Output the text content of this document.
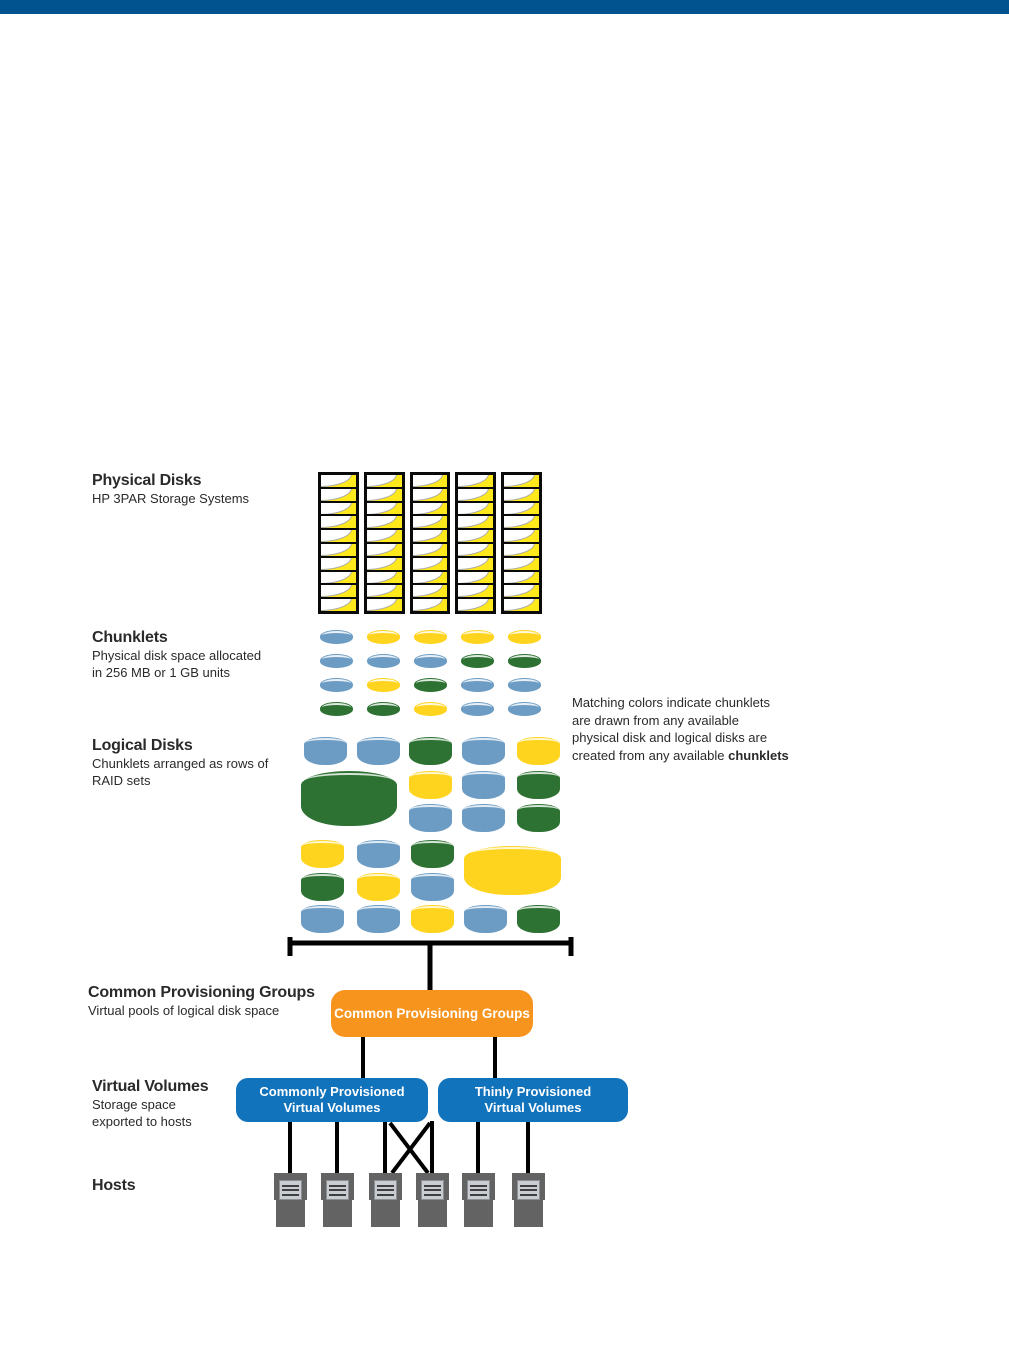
Physical Disks
HP 3PAR Storage Systems
Chunklets
Physical disk space allocated
in 256 MB or 1 GB units
Logical Disks
Chunklets arranged as rows of
RAID sets
Matching colors indicate chunklets
are drawn from any available
physical disk and logical disks are
created from any available chunklets
Common Provisioning Groups
Virtual pools of logical disk space
Virtual Volumes
Storage space
exported to hosts
Hosts
Common Provisioning Groups
Commonly Provisioned
Virtual Volumes
Thinly Provisioned
Virtual Volumes
